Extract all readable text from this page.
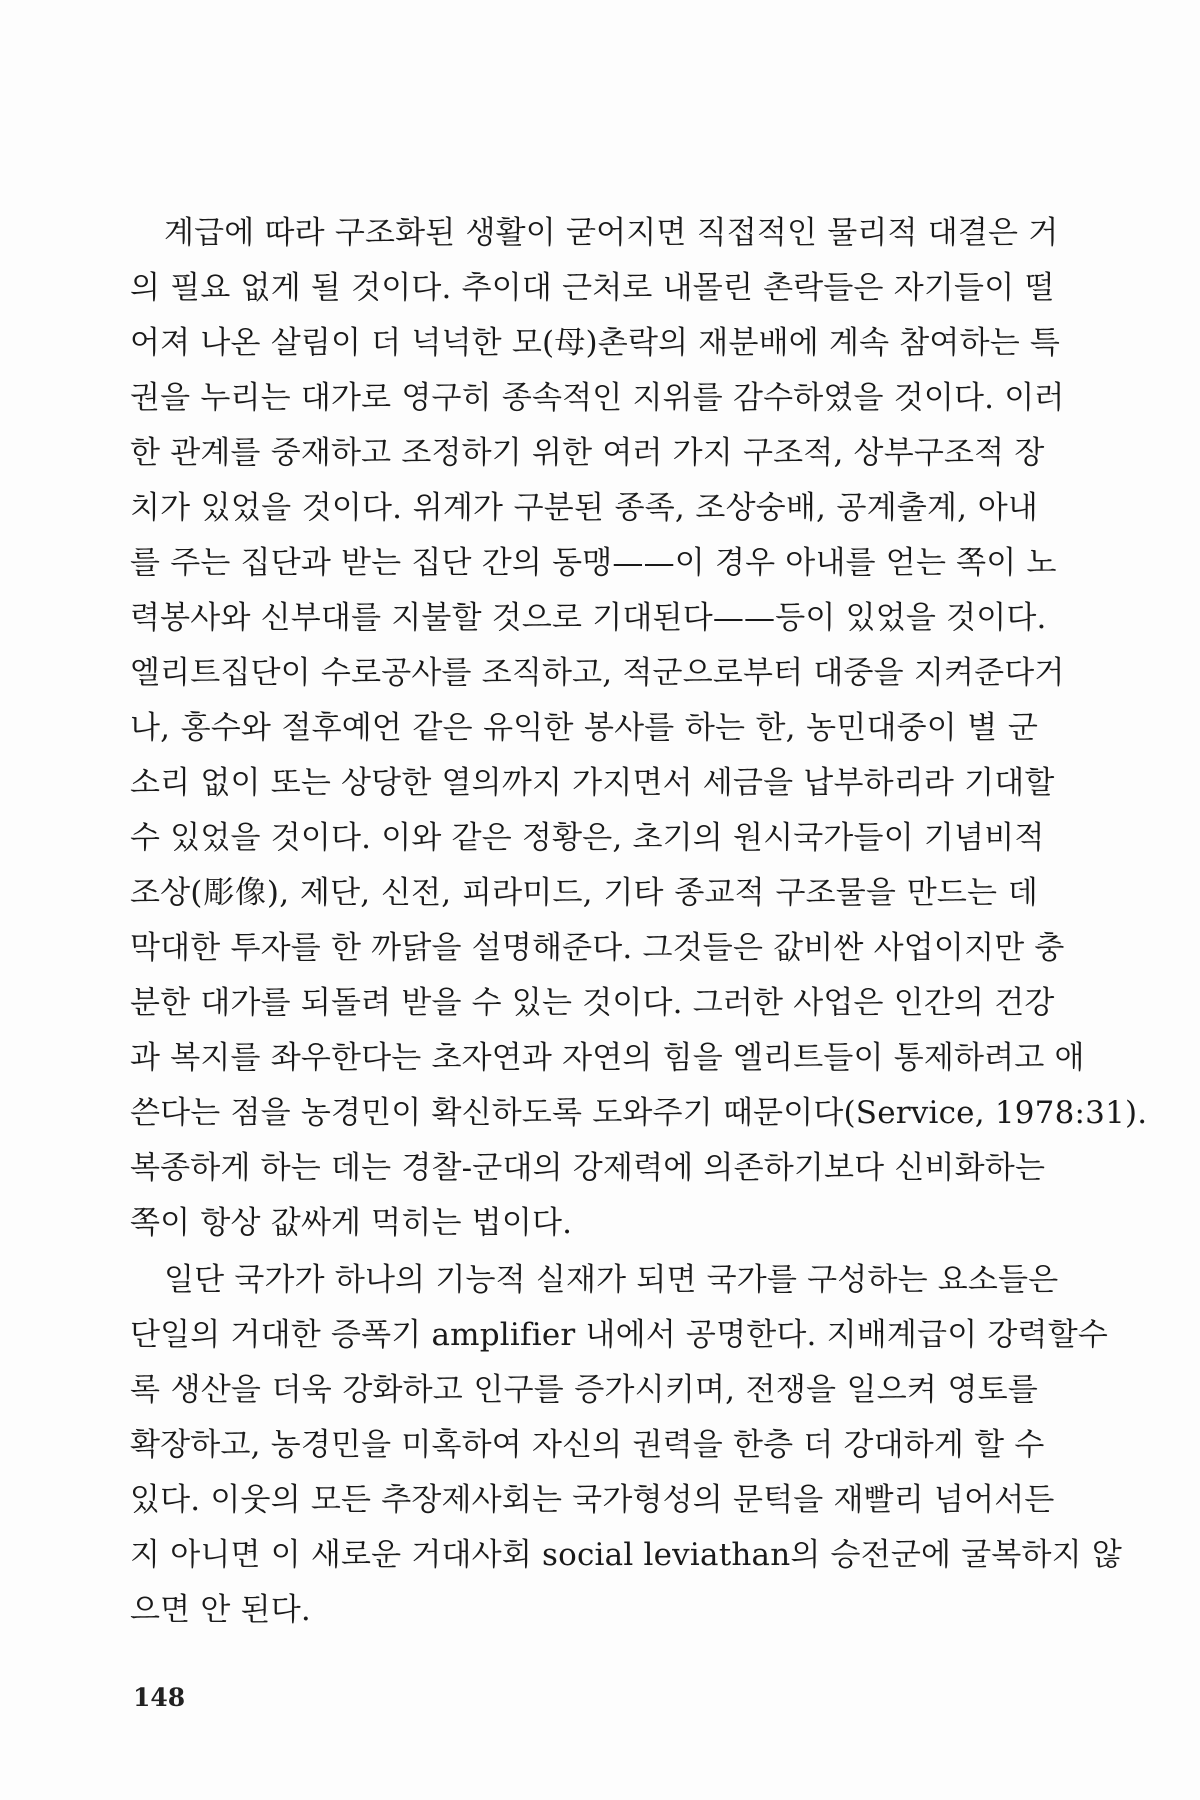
계급에 따라 구조화된 생활이 굳어지면 직접적인 물리적 대결은 거
의 필요 없게 될 것이다. 추이대 근처로 내몰린 촌락들은 자기들이 떨
어져 나온 살림이 더 넉넉한 모(母)촌락의 재분배에 계속 참여하는 특
권을 누리는 대가로 영구히 종속적인 지위를 감수하였을 것이다. 이러
한 관계를 중재하고 조정하기 위한 여러 가지 구조적, 상부구조적 장
치가 있었을 것이다. 위계가 구분된 종족, 조상숭배, 공계출계, 아내
를 주는 집단과 받는 집단 간의 동맹——이 경우 아내를 얻는 쪽이 노
력봉사와 신부대를 지불할 것으로 기대된다——등이 있었을 것이다.
엘리트집단이 수로공사를 조직하고, 적군으로부터 대중을 지켜준다거
나, 홍수와 절후예언 같은 유익한 봉사를 하는 한, 농민대중이 별 군
소리 없이 또는 상당한 열의까지 가지면서 세금을 납부하리라 기대할
수 있었을 것이다. 이와 같은 정황은, 초기의 원시국가들이 기념비적
조상(彫像), 제단, 신전, 피라미드, 기타 종교적 구조물을 만드는 데
막대한 투자를 한 까닭을 설명해준다. 그것들은 값비싼 사업이지만 충
분한 대가를 되돌려 받을 수 있는 것이다. 그러한 사업은 인간의 건강
과 복지를 좌우한다는 초자연과 자연의 힘을 엘리트들이 통제하려고 애
쓴다는 점을 농경민이 확신하도록 도와주기 때문이다(Service, 1978:31).
복종하게 하는 데는 경찰-군대의 강제력에 의존하기보다 신비화하는
쪽이 항상 값싸게 먹히는 법이다.
일단 국가가 하나의 기능적 실재가 되면 국가를 구성하는 요소들은
단일의 거대한 증폭기 amplifier 내에서 공명한다. 지배계급이 강력할수
록 생산을 더욱 강화하고 인구를 증가시키며, 전쟁을 일으켜 영토를
확장하고, 농경민을 미혹하여 자신의 권력을 한층 더 강대하게 할 수
있다. 이웃의 모든 추장제사회는 국가형성의 문턱을 재빨리 넘어서든
지 아니면 이 새로운 거대사회 social leviathan의 승전군에 굴복하지 않
으면 안 된다.
148
